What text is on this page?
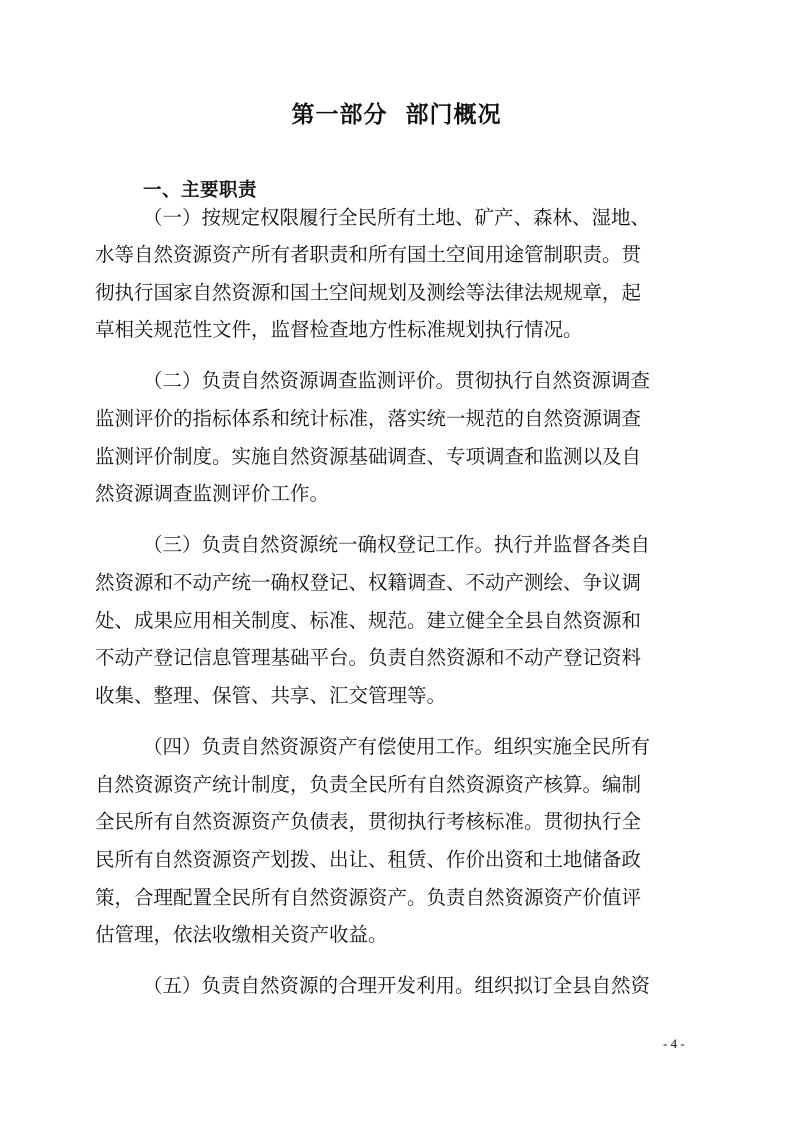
第一部分  部门概况
一、主要职责
（一）按规定权限履行全民所有土地、矿产、森林、湿地、
水等自然资源资产所有者职责和所有国土空间用途管制职责。贯
彻执行国家自然资源和国土空间规划及测绘等法律法规规章，起
草相关规范性文件，监督检查地方性标准规划执行情况。
（二）负责自然资源调查监测评价。贯彻执行自然资源调查
监测评价的指标体系和统计标准，落实统一规范的自然资源调查
监测评价制度。实施自然资源基础调查、专项调查和监测以及自
然资源调查监测评价工作。
（三）负责自然资源统一确权登记工作。执行并监督各类自
然资源和不动产统一确权登记、权籍调查、不动产测绘、争议调
处、成果应用相关制度、标准、规范。建立健全全县自然资源和
不动产登记信息管理基础平台。负责自然资源和不动产登记资料
收集、整理、保管、共享、汇交管理等。
（四）负责自然资源资产有偿使用工作。组织实施全民所有
自然资源资产统计制度，负责全民所有自然资源资产核算。编制
全民所有自然资源资产负债表，贯彻执行考核标准。贯彻执行全
民所有自然资源资产划拨、出让、租赁、作价出资和土地储备政
策，合理配置全民所有自然资源资产。负责自然资源资产价值评
估管理，依法收缴相关资产收益。
（五）负责自然资源的合理开发利用。组织拟订全县自然资
- 4 -
